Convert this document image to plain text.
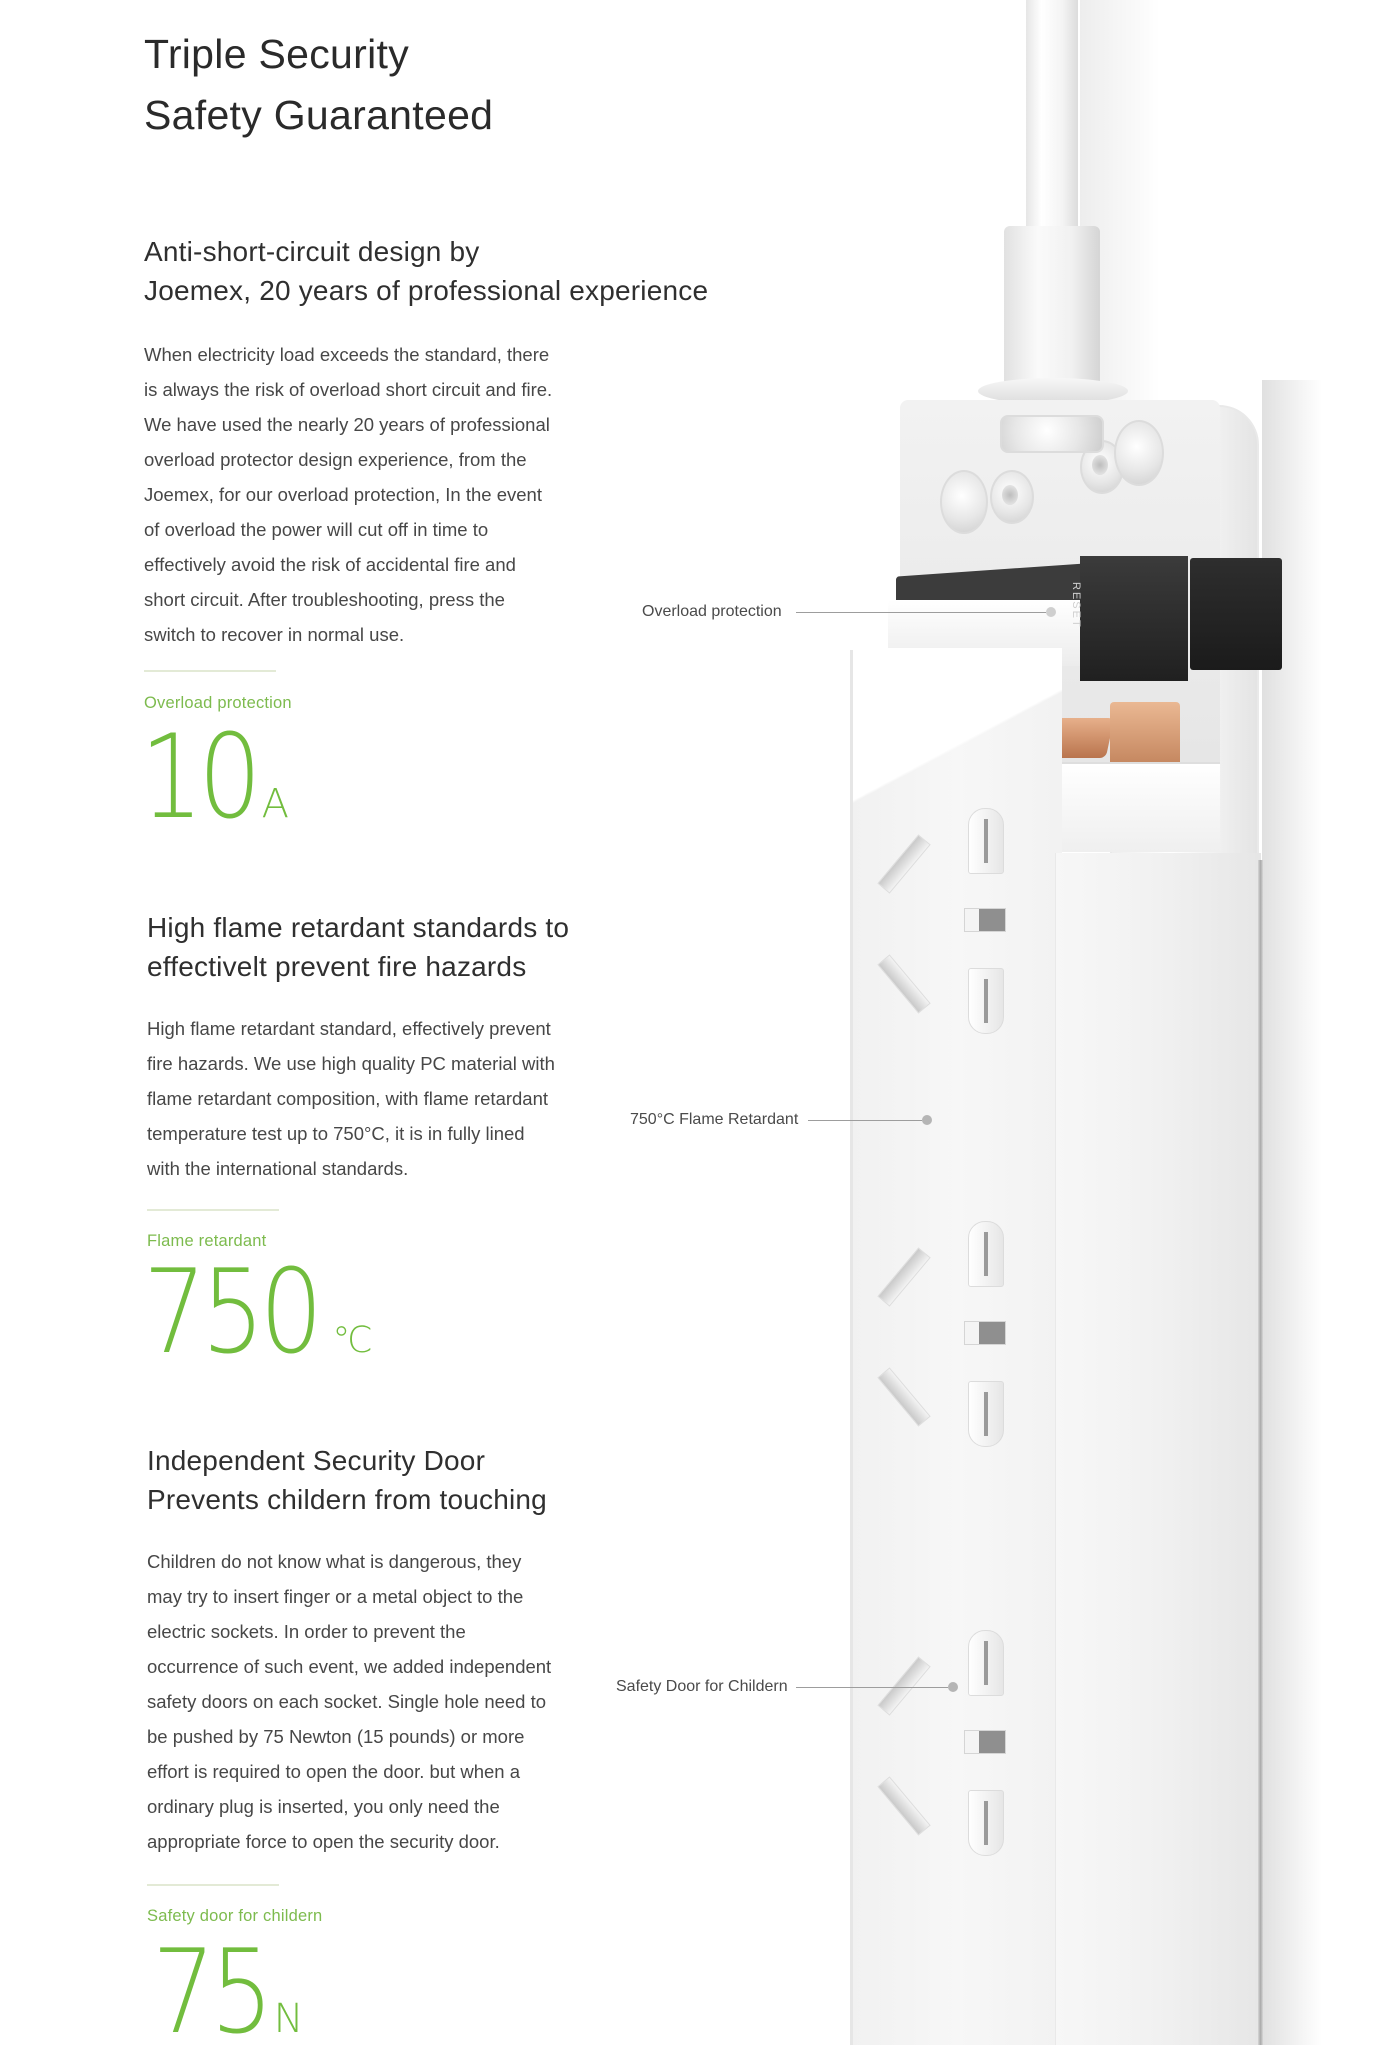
RESET
Overload protection
750°C Flame Retardant
Safety Door for Childern
Triple Security
Safety Guaranteed
Anti-short-circuit design by
Joemex, 20 years of professional experience
When electricity load exceeds the standard, there
is always the risk of overload short circuit and fire.
We have used the nearly 20 years of professional
overload protector design experience, from the
Joemex, for our overload protection, In the event
of overload the power will cut off in time to
effectively avoid the risk of accidental fire and
short circuit. After troubleshooting, press the
switch to recover in normal use.
Overload protection
10 A
High flame retardant standards to
effectivelt prevent fire hazards
High flame retardant standard, effectively prevent
fire hazards. We use high quality PC material with
flame retardant composition, with flame retardant
temperature test up to 750°C, it is in fully lined
with the international standards.
Flame retardant
750 ℃
Independent Security Door
Prevents childern from touching
Children do not know what is dangerous, they
may try to insert finger or a metal object to the
electric sockets. In order to prevent the
occurrence of such event, we added independent
safety doors on each socket. Single hole need to
be pushed by 75 Newton (15 pounds) or more
effort is required to open the door. but when a
ordinary plug is inserted, you only need the
appropriate force to open the security door.
Safety door for childern
75 N
